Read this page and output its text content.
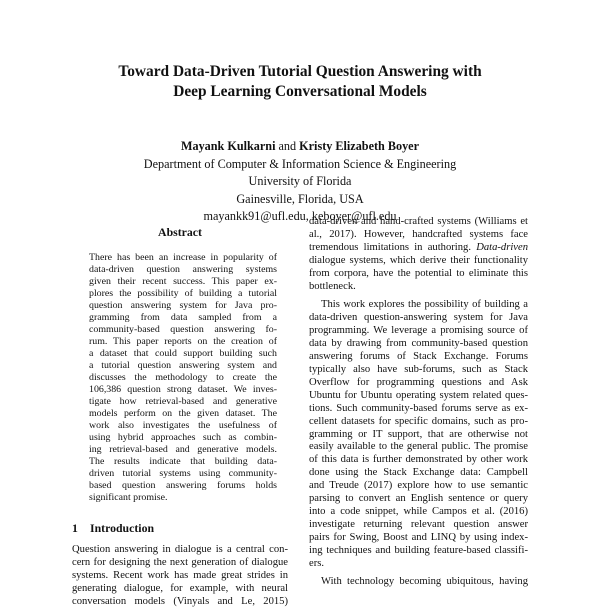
Toward Data-Driven Tutorial Question Answering with
Deep Learning Conversational Models
Mayank Kulkarni and Kristy Elizabeth Boyer
Department of Computer & Information Science & Engineering
University of Florida
Gainesville, Florida, USA
mayankk91@ufl.edu, keboyer@ufl.edu
Abstract
There has been an increase in popularity of
data-driven question answering systems
given their recent success. This paper ex-
plores the possibility of building a tutorial
question answering system for Java pro-
gramming from data sampled from a
community-based question answering fo-
rum. This paper reports on the creation of
a dataset that could support building such
a tutorial question answering system and
discusses the methodology to create the
106,386 question strong dataset. We inves-
tigate how retrieval-based and generative
models perform on the given dataset. The
work also investigates the usefulness of
using hybrid approaches such as combin-
ing retrieval-based and generative models.
The results indicate that building data-
driven tutorial systems using community-
based question answering forums holds
significant promise.
1 Introduction
Question answering in dialogue is a central con-
cern for designing the next generation of dialogue
systems. Recent work has made great strides in
generating dialogue, for example, with neural
conversation models (Vinyals and Le, 2015)
data-driven and hand-crafted systems (Williams et
al., 2017). However, handcrafted systems face
tremendous limitations in authoring. Data-driven
dialogue systems, which derive their functionality
from corpora, have the potential to eliminate this
bottleneck.
This work explores the possibility of building a
data-driven question-answering system for Java
programming. We leverage a promising source of
data by drawing from community-based question
answering forums of Stack Exchange. Forums
typically also have sub-forums, such as Stack
Overflow for programming questions and Ask
Ubuntu for Ubuntu operating system related ques-
tions. Such community-based forums serve as ex-
cellent datasets for specific domains, such as pro-
gramming or IT support, that are otherwise not
easily available to the general public. The promise
of this data is further demonstrated by other work
done using the Stack Exchange data: Campbell
and Treude (2017) explore how to use semantic
parsing to convert an English sentence or query
into a code snippet, while Campos et al. (2016)
investigate returning relevant question answer
pairs for Swing, Boost and LINQ by using index-
ing techniques and building feature-based classifi-
ers.
With technology becoming ubiquitous, having
